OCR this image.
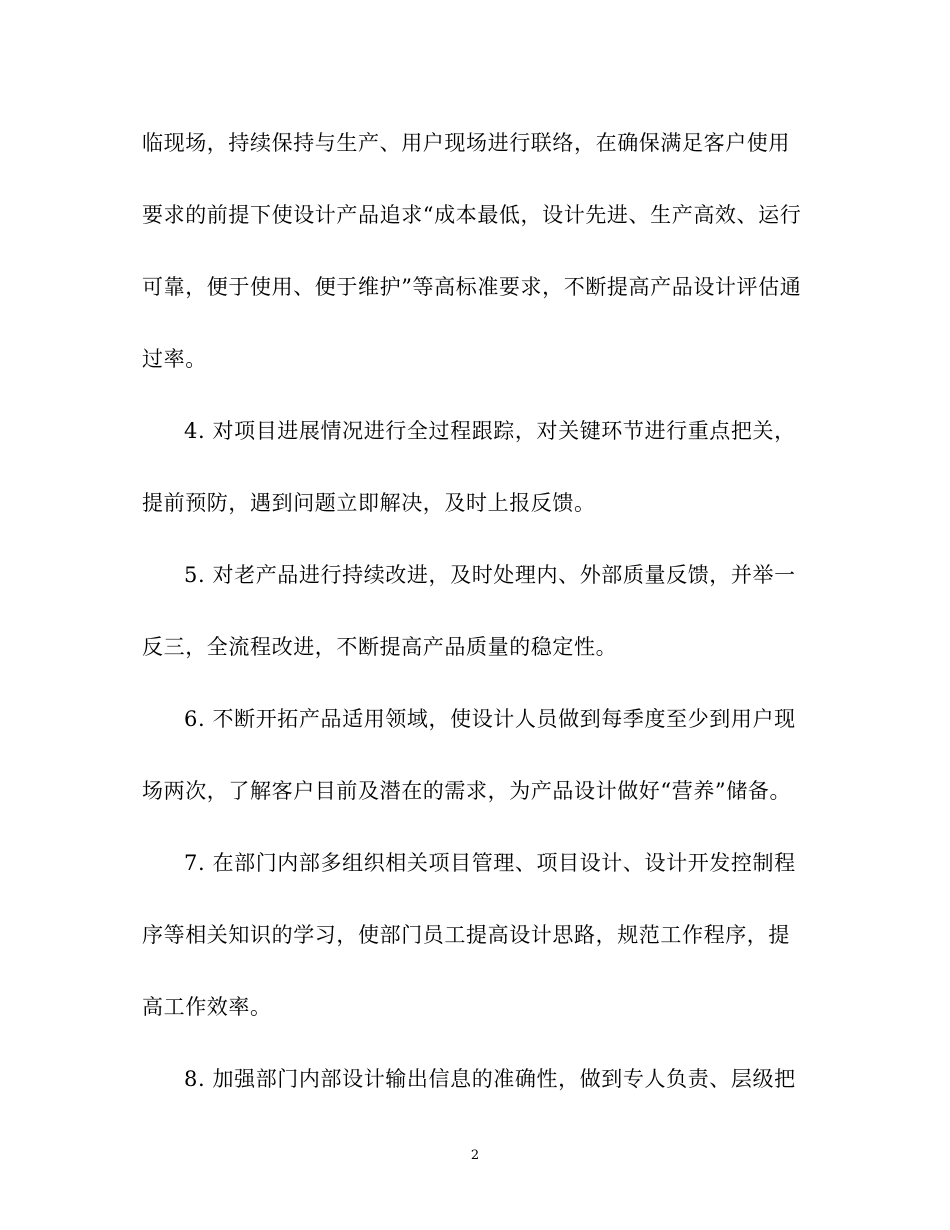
临现场，持续保持与生产、用户现场进行联络，在确保满足客户使用
要求的前提下使设计产品追求“成本最低，设计先进、生产高效、运行
可靠，便于使用、便于维护”等高标准要求，不断提高产品设计评估通
过率。
4. 对项目进展情况进行全过程跟踪，对关键环节进行重点把关，
提前预防，遇到问题立即解决，及时上报反馈。
5. 对老产品进行持续改进，及时处理内、外部质量反馈，并举一
反三，全流程改进，不断提高产品质量的稳定性。
6. 不断开拓产品适用领域，使设计人员做到每季度至少到用户现
场两次，了解客户目前及潜在的需求，为产品设计做好“营养”储备。
7. 在部门内部多组织相关项目管理、项目设计、设计开发控制程
序等相关知识的学习，使部门员工提高设计思路，规范工作程序，提
高工作效率。
8. 加强部门内部设计输出信息的准确性，做到专人负责、层级把
2
